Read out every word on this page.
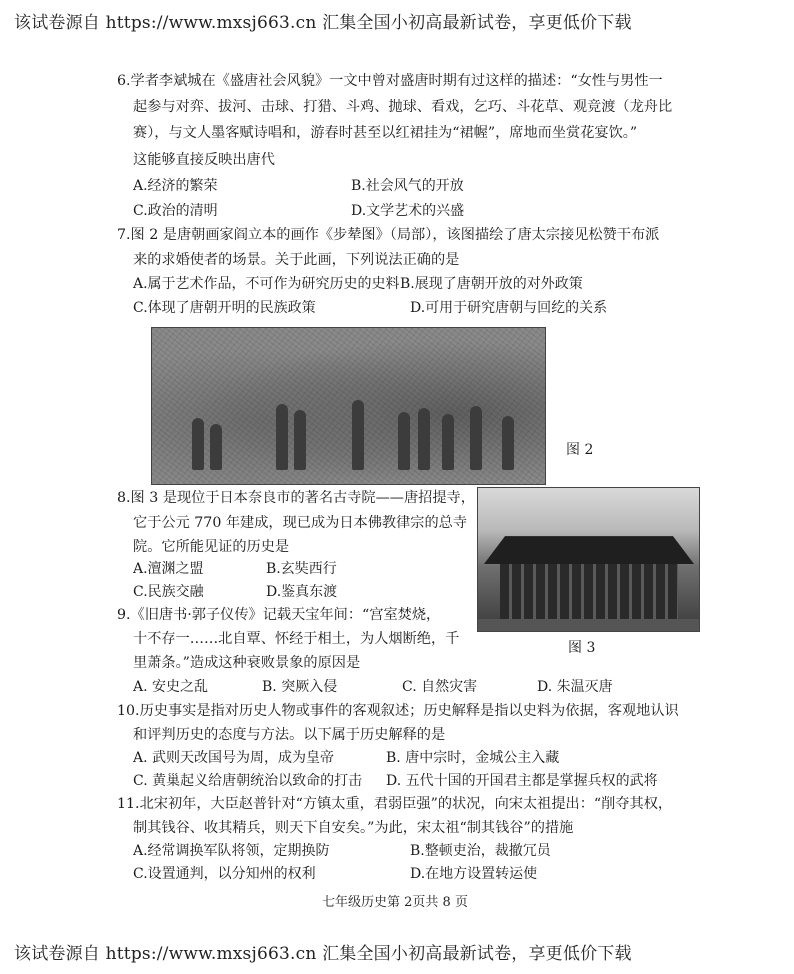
该试卷源自 https://www.mxsj663.cn 汇集全国小初高最新试卷，享更低价下载
6.学者李斌城在《盛唐社会风貌》一文中曾对盛唐时期有过这样的描述：“女性与男性一
起参与对弈、拔河、击球、打猎、斗鸡、抛球、看戏，乞巧、斗花草、观竞渡（龙舟比
赛），与文人墨客赋诗唱和，游春时甚至以红裙挂为“裙幄”，席地而坐赏花宴饮。”
这能够直接反映出唐代
A.经济的繁荣	B.社会风气的开放
C.政治的清明	D.文学艺术的兴盛
7.图 2 是唐朝画家阎立本的画作《步辇图》（局部），该图描绘了唐太宗接见松赞干布派
来的求婚使者的场景。关于此画，下列说法正确的是
A.属于艺术作品，不可作为研究历史的史料 B.展现了唐朝开放的对外政策
C.体现了唐朝开明的民族政策	D.可用于研究唐朝与回纥的关系
图 2
8.图 3 是现位于日本奈良市的著名古寺院——唐招提寺，
它于公元 770 年建成，现已成为日本佛教律宗的总寺
院。它所能见证的历史是
A.澶渊之盟	B.玄奘西行
C.民族交融	D.鉴真东渡
图 3
9.《旧唐书·郭子仪传》记载天宝年间：“宫室焚烧，
十不存一……北自覃、怀经于相土，为人烟断绝，千
里萧条。”造成这种衰败景象的原因是
A. 安史之乱	B. 突厥入侵	C. 自然灾害	D. 朱温灭唐
10.历史事实是指对历史人物或事件的客观叙述；历史解释是指以史料为依据，客观地认识
和评判历史的态度与方法。以下属于历史解释的是
A. 武则天改国号为周，成为皇帝	B. 唐中宗时，金城公主入藏
C. 黄巢起义给唐朝统治以致命的打击 D. 五代十国的开国君主都是掌握兵权的武将
11.北宋初年，大臣赵普针对“方镇太重，君弱臣强”的状况，向宋太祖提出：“削夺其权，
制其钱谷、收其精兵，则天下自安矣。”为此，宋太祖“制其钱谷”的措施
A.经常调换军队将领，定期换防	B.整顿吏治，裁撤冗员
C.设置通判，以分知州的权利	D.在地方设置转运使
七年级历史第 2页共 8 页
该试卷源自 https://www.mxsj663.cn 汇集全国小初高最新试卷，享更低价下载
